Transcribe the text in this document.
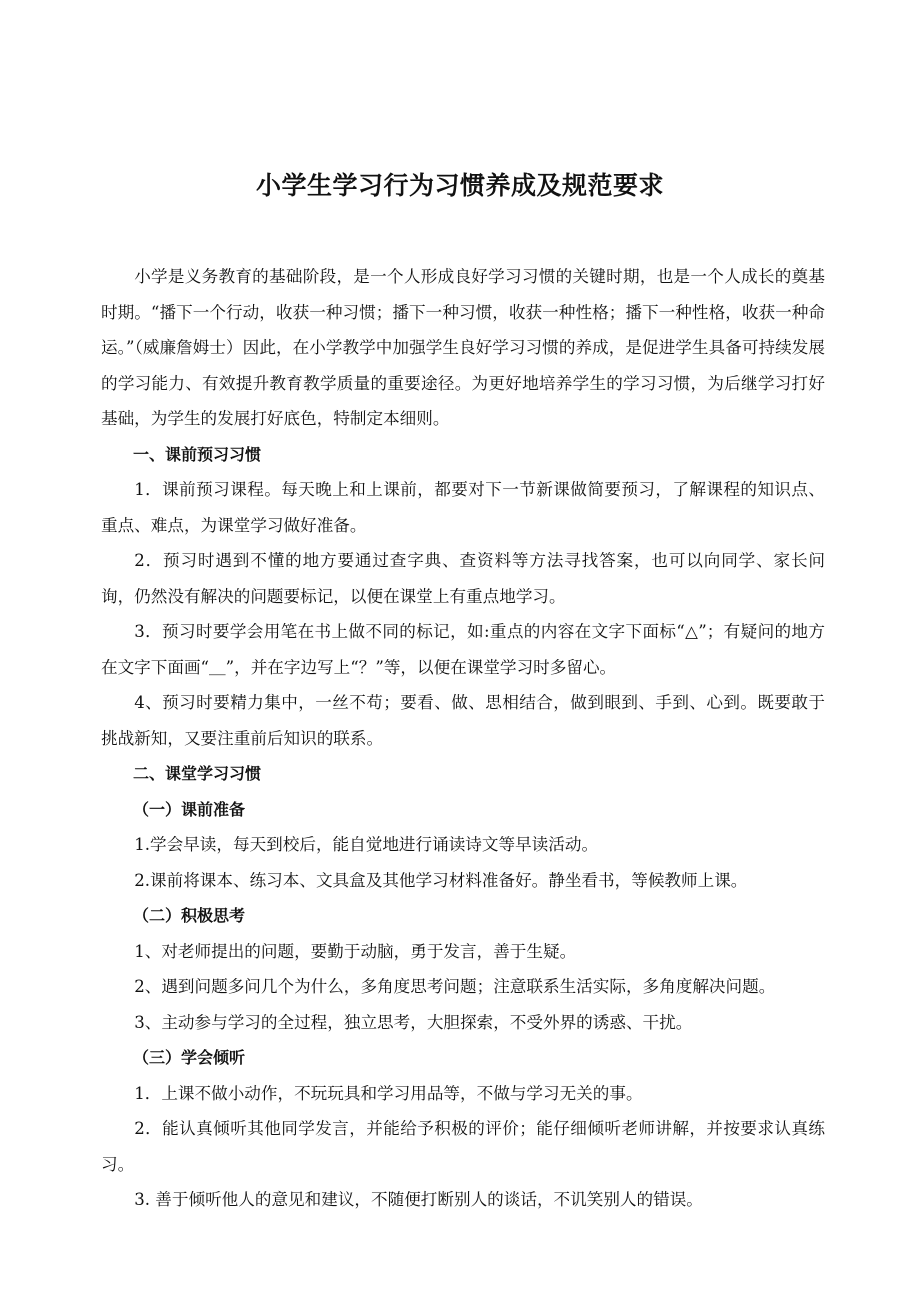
小学生学习行为习惯养成及规范要求

小学是义务教育的基础阶段，是一个人形成良好学习习惯的关键时期，也是一个人成长的奠基时期。“播下一个行动，收获一种习惯；播下一种习惯，收获一种性格；播下一种性格，收获一种命运。”（威廉詹姆士）因此，在小学教学中加强学生良好学习习惯的养成，是促进学生具备可持续发展的学习能力、有效提升教育教学质量的重要途径。为更好地培养学生的学习习惯，为后继学习打好基础，为学生的发展打好底色，特制定本细则。

一、课前预习习惯

1．课前预习课程。每天晚上和上课前，都要对下一节新课做简要预习，了解课程的知识点、重点、难点，为课堂学习做好准备。

2．预习时遇到不懂的地方要通过查字典、查资料等方法寻找答案，也可以向同学、家长问询，仍然没有解决的问题要标记，以便在课堂上有重点地学习。

3．预习时要学会用笔在书上做不同的标记，如:重点的内容在文字下面标“△”；有疑问的地方在文字下面画“＿”，并在字边写上“？”等，以便在课堂学习时多留心。

4、预习时要精力集中，一丝不苟；要看、做、思相结合，做到眼到、手到、心到。既要敢于挑战新知，又要注重前后知识的联系。

二、课堂学习习惯

（一）课前准备

1.学会早读，每天到校后，能自觉地进行诵读诗文等早读活动。

2.课前将课本、练习本、文具盒及其他学习材料准备好。静坐看书，等候教师上课。

（二）积极思考

1、对老师提出的问题，要勤于动脑，勇于发言，善于生疑。

2、遇到问题多问几个为什么，多角度思考问题；注意联系生活实际，多角度解决问题。

3、主动参与学习的全过程，独立思考，大胆探索，不受外界的诱惑、干扰。

（三）学会倾听

1．上课不做小动作，不玩玩具和学习用品等，不做与学习无关的事。

2．能认真倾听其他同学发言，并能给予积极的评价；能仔细倾听老师讲解，并按要求认真练习。

3. 善于倾听他人的意见和建议，不随便打断别人的谈话，不讥笑别人的错误。
